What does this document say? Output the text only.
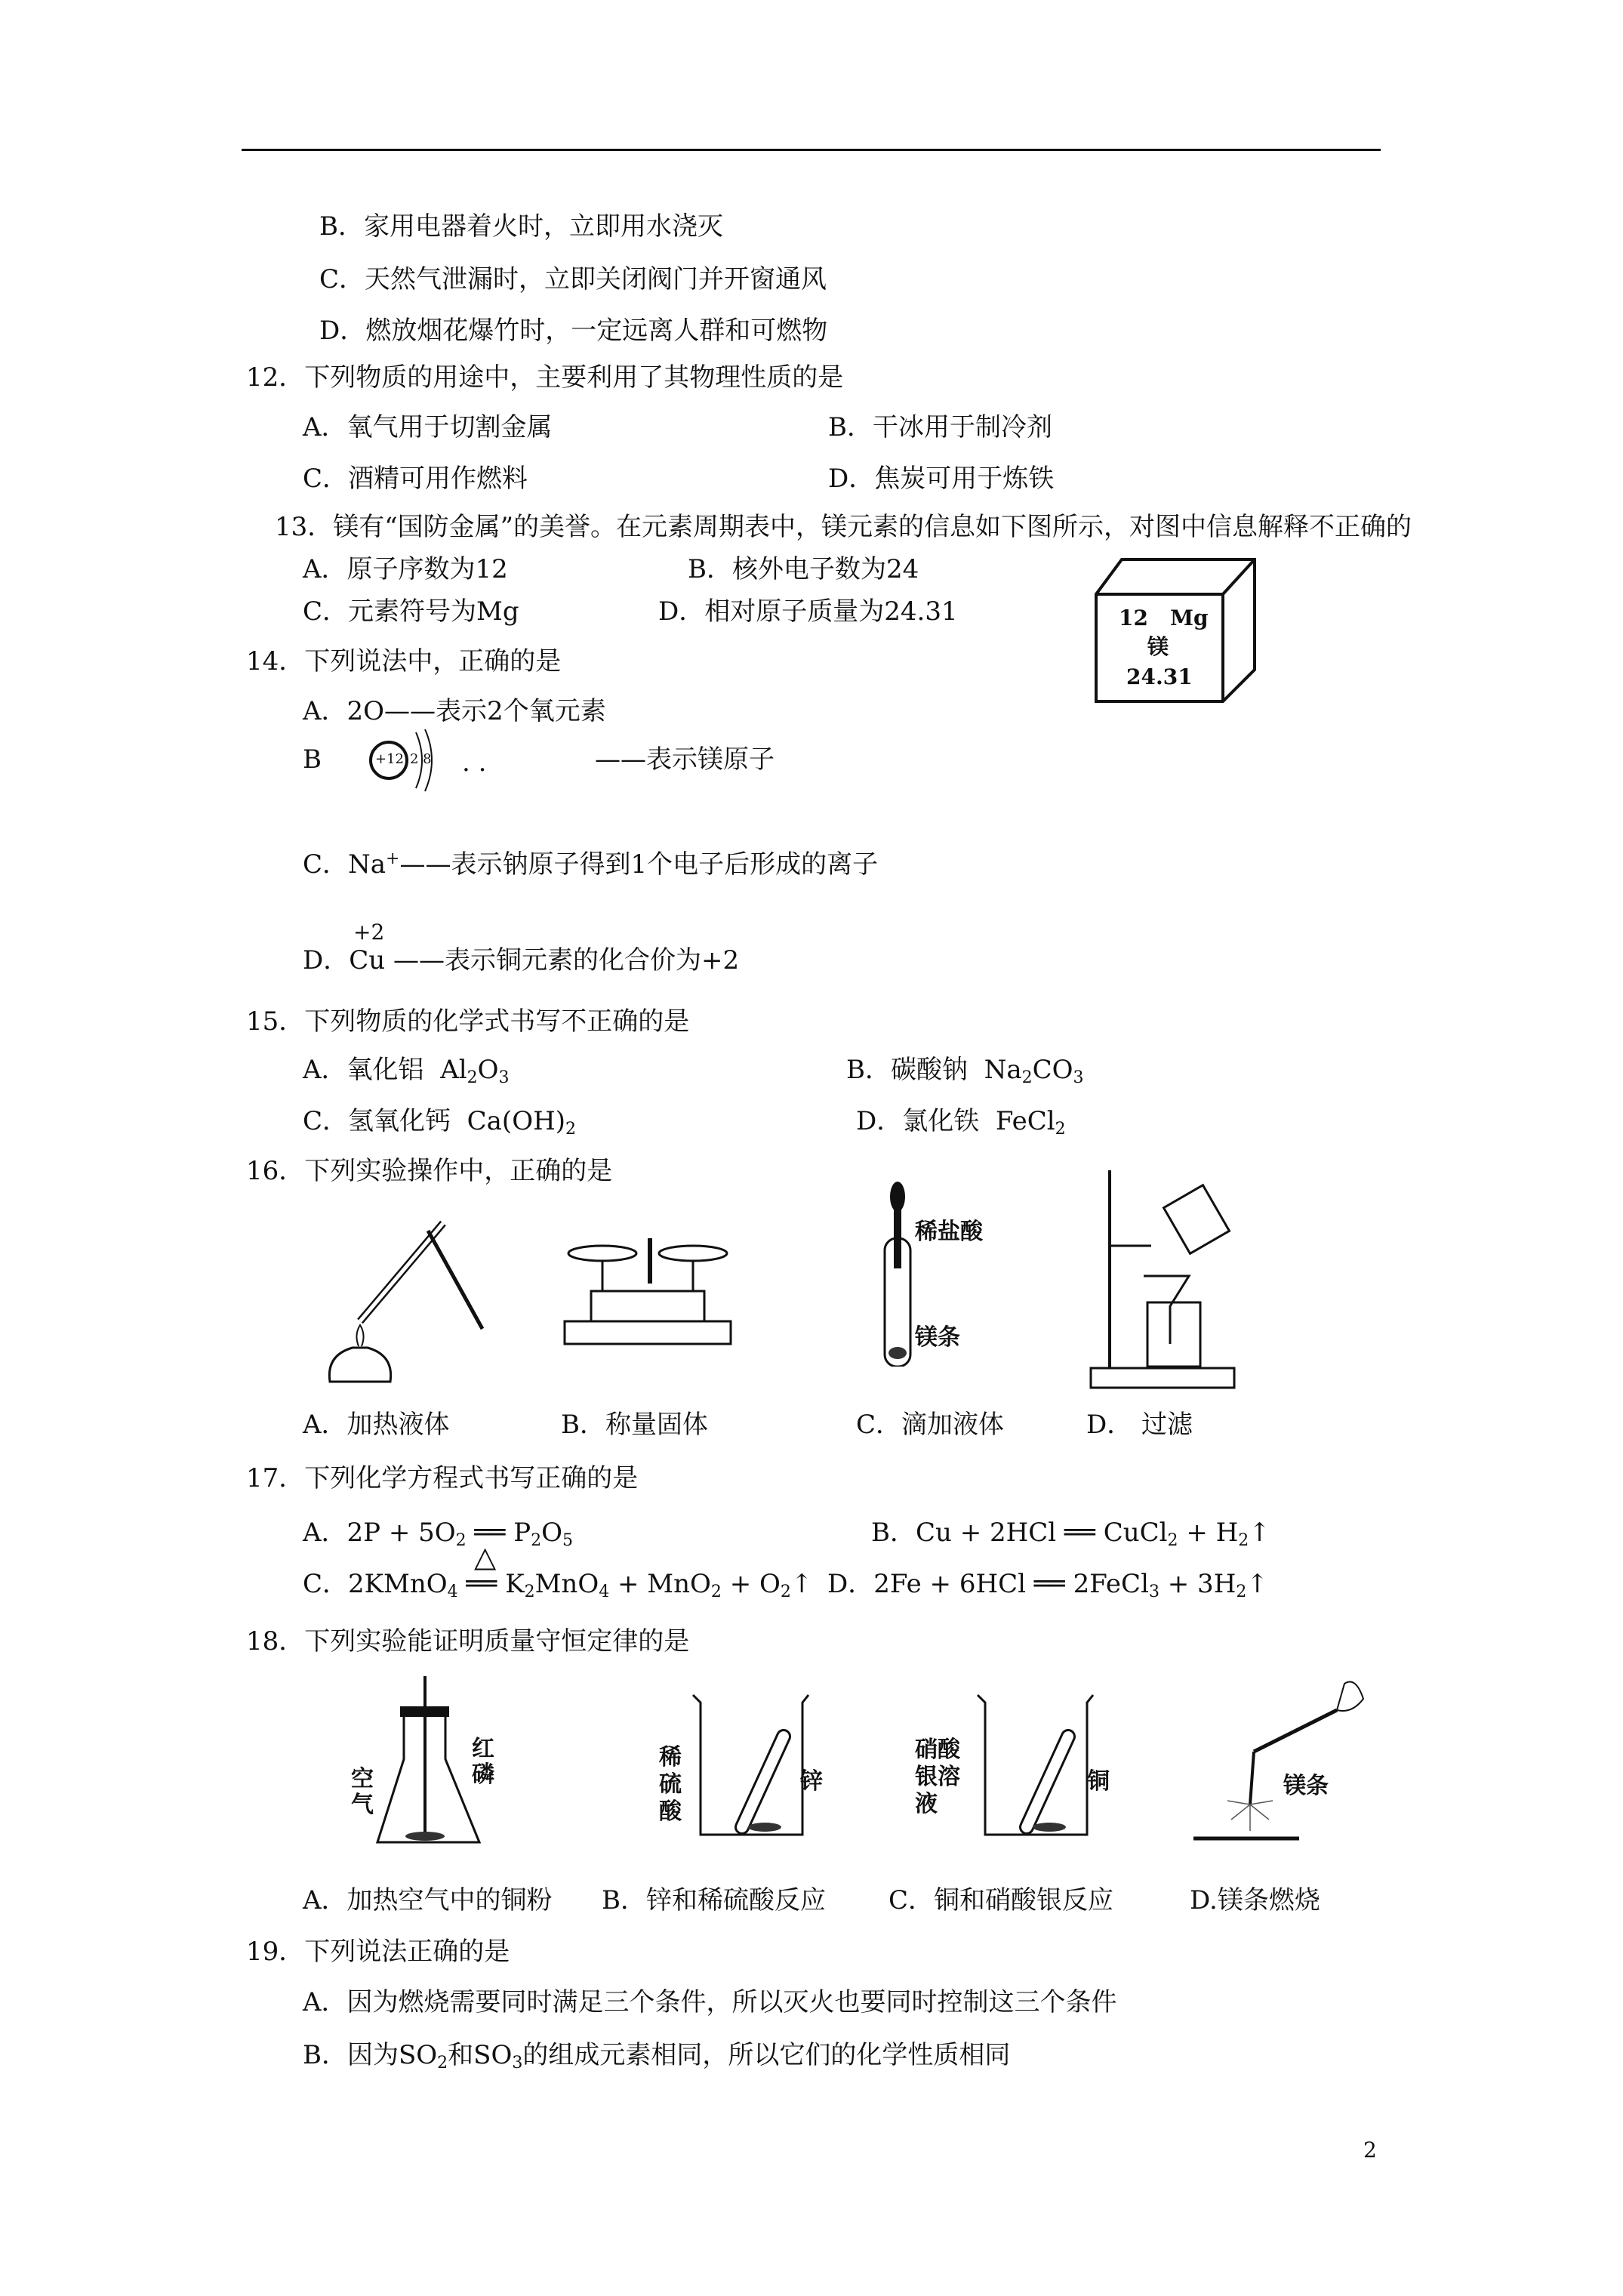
B．家用电器着火时，立即用水浇灭
C．天然气泄漏时，立即关闭阀门并开窗通风
D．燃放烟花爆竹时，一定远离人群和可燃物
12．下列物质的用途中，主要利用了其物理性质的是
A．氧气用于切割金属	B．干冰用于制冷剂
C．酒精可用作燃料	D．焦炭可用于炼铁
13．镁有“国防金属”的美誉。在元素周期表中，镁元素的信息如下图所示，对图中信息解释不正确的
A．原子序数为12	B．核外电子数为24
C．元素符号为Mg	D．相对原子质量为24.31	12 Mg
镁
24.31
14．下列说法中，正确的是
A．2O——表示2个氧元素
B	+12 2 8 . .	——表示镁原子
C．Na+——表示钠原子得到1个电子后形成的离子
+2
D．Cu ——表示铜元素的化合价为+2
15．下列物质的化学式书写不正确的是
A．氧化铝 $Al_2O_3$	B．碳酸钠 $Na_2CO_3$
C．氢氧化钙 $Ca(OH)_2$	D．氯化铁 FeCl$_2$
16．下列实验操作中，正确的是
稀盐酸
镁条
A．加热液体	B．称量固体	C．滴加液体	D． 过滤
17．下列化学方程式书写正确的是
A．$2P + 5O_2$ ══ $P_2O_5$	B．Cu + 2HCl ══ CuCl$_2$ + $H_2↑$
△
C．2KMnO$_4$ ══ $K_2MnO_4 + MnO_2$ + $O_2↑$ D．2Fe + 6HCl ══ 2FeCl$_3$ + $3H_2↑$
18．下列实验能证明质量守恒定律的是
空气
红磷
稀硫酸
锌
硝酸银溶液
铜	镁条
A．加热空气中的铜粉 B．锌和稀硫酸反应 C．铜和硝酸银反应	D.镁条燃烧
19．下列说法正确的是
A．因为燃烧需要同时满足三个条件，所以灭火也要同时控制这三个条件
B．因为$SO_2$和$SO_3$的组成元素相同，所以它们的化学性质相同
2
